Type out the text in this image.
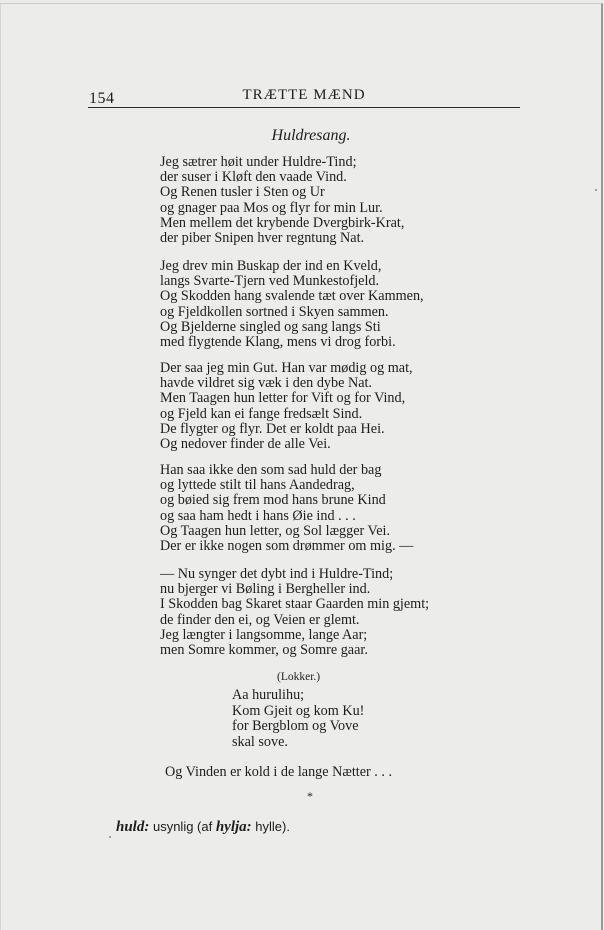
154	TRÆTTE MÆND
Huldresang.
Jeg sætrer høit under Huldre-Tind;
der suser i Kløft den vaade Vind.
Og Renen tusler i Sten og Ur
og gnager paa Mos og flyr for min Lur.
Men mellem det krybende Dvergbirk-Krat,
der piber Snipen hver regntung Nat.
Jeg drev min Buskap der ind en Kveld,
langs Svarte-Tjern ved Munkestofjeld.
Og Skodden hang svalende tæt over Kammen,
og Fjeldkollen sortned i Skyen sammen.
Og Bjelderne singled og sang langs Sti
med flygtende Klang, mens vi drog forbi.
Der saa jeg min Gut. Han var mødig og mat,
havde vildret sig væk i den dybe Nat.
Men Taagen hun letter for Vift og for Vind,
og Fjeld kan ei fange fredsælt Sind.
De flygter og flyr. Det er koldt paa Hei.
Og nedover finder de alle Vei.
Han saa ikke den som sad huld der bag
og lyttede stilt til hans Aandedrag,
og bøied sig frem mod hans brune Kind
og saa ham hedt i hans Øie ind . . .
Og Taagen hun letter, og Sol lægger Vei.
Der er ikke nogen som drømmer om mig. —
— Nu synger det dybt ind i Huldre-Tind;
nu bjerger vi Bøling i Bergheller ind.
I Skodden bag Skaret staar Gaarden min gjemt;
de finder den ei, og Veien er glemt.
Jeg længter i langsomme, lange Aar;
men Somre kommer, og Somre gaar.
(Lokker.)
Aa hurulihu;
Kom Gjeit og kom Ku!
for Bergblom og Vove
skal sove.
Og Vinden er kold i de lange Nætter . . .
*
huld: usynlig (af hylja: hylle).
